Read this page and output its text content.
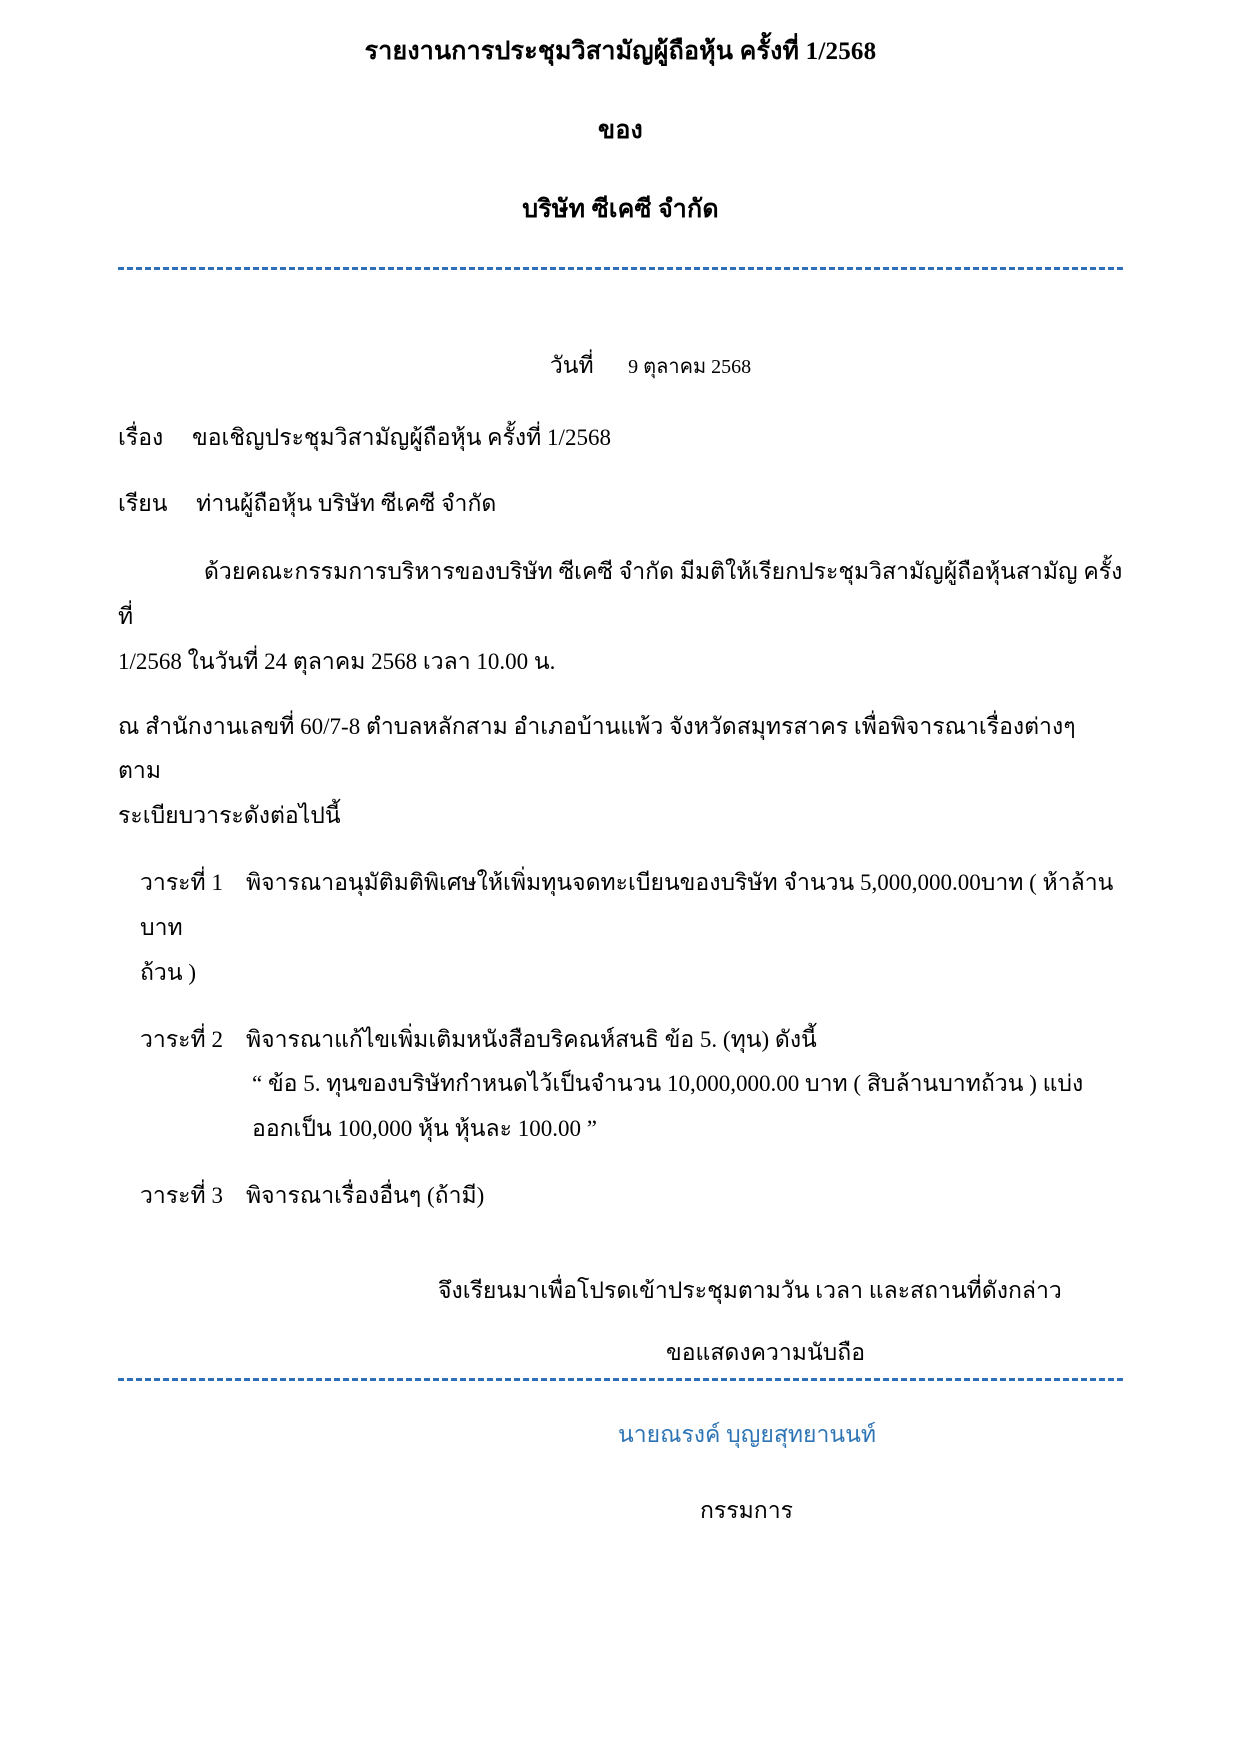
รายงานการประชุมวิสามัญผู้ถือหุ้น ครั้งที่ 1/2568
ของ
บริษัท ซีเคซี จำกัด
วันที่ 9 ตุลาคม 2568
เรื่อง ขอเชิญประชุมวิสามัญผู้ถือหุ้น ครั้งที่ 1/2568
เรียน ท่านผู้ถือหุ้น บริษัท ซีเคซี จำกัด
ด้วยคณะกรรมการบริหารของบริษัท ซีเคซี จำกัด มีมติให้เรียกประชุมวิสามัญผู้ถือหุ้นสามัญ ครั้งที่
1/2568 ในวันที่ 24 ตุลาคม 2568 เวลา 10.00 น.
ณ สำนักงานเลขที่ 60/7-8 ตำบลหลักสาม อำเภอบ้านแพ้ว จังหวัดสมุทรสาคร เพื่อพิจารณาเรื่องต่างๆ ตาม
ระเบียบวาระดังต่อไปนี้
วาระที่ 1 พิจารณาอนุมัติมติพิเศษให้เพิ่มทุนจดทะเบียนของบริษัท จำนวน 5,000,000.00บาท ( ห้าล้านบาท
ถ้วน )
วาระที่ 2 พิจารณาแก้ไขเพิ่มเติมหนังสือบริคณห์สนธิ ข้อ 5. (ทุน) ดังนี้
“ ข้อ 5. ทุนของบริษัทกำหนดไว้เป็นจำนวน 10,000,000.00 บาท ( สิบล้านบาทถ้วน ) แบ่ง
ออกเป็น 100,000 หุ้น หุ้นละ 100.00 ”
วาระที่ 3 พิจารณาเรื่องอื่นๆ (ถ้ามี)
จึงเรียนมาเพื่อโปรดเข้าประชุมตามวัน เวลา และสถานที่ดังกล่าว
ขอแสดงความนับถือ
นายณรงค์ บุญยสุทยานนท์
กรรมการ
